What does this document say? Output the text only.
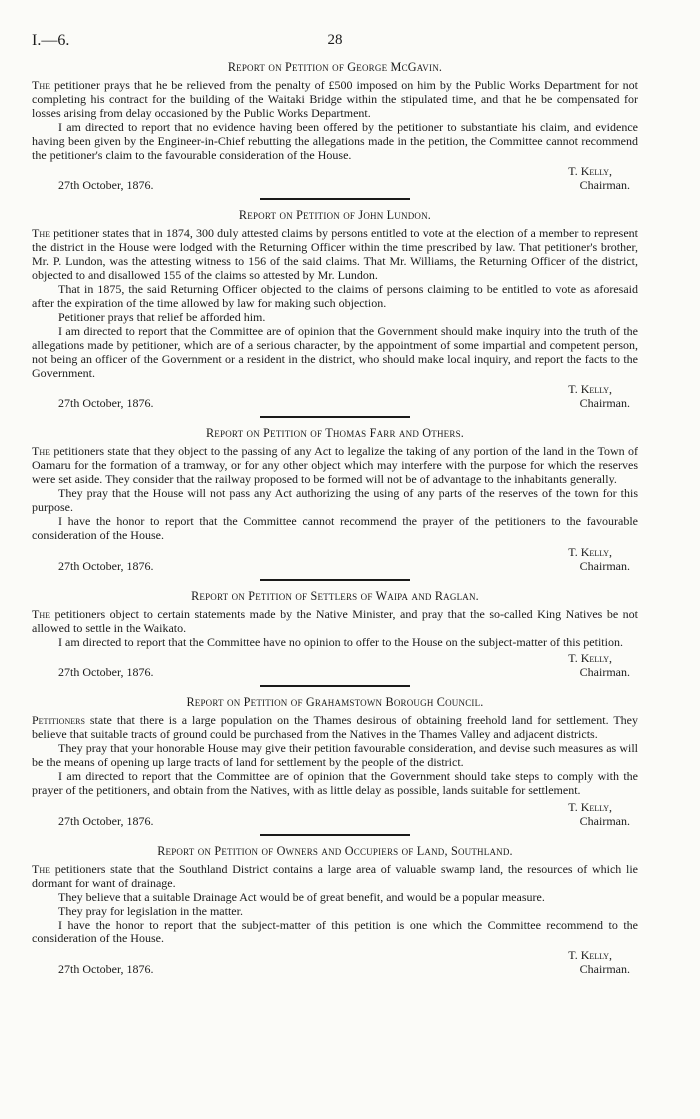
I.—6.	28
Report on Petition of George McGavin.

The petitioner prays that he be relieved from the penalty of £500 imposed on him by the Public Works Department for not completing his contract for the building of the Waitaki Bridge within the stipulated time, and that he be compensated for losses arising from delay occasioned by the Public Works Department.

I am directed to report that no evidence having been offered by the petitioner to substantiate his claim, and evidence having been given by the Engineer-in-Chief rebutting the allegations made in the petition, the Committee cannot recommend the petitioner's claim to the favourable consideration of the House.

T. Kelly,
Chairman.
27th October, 1876.
Report on Petition of John Lundon.

The petitioner states that in 1874, 300 duly attested claims by persons entitled to vote at the election of a member to represent the district in the House were lodged with the Returning Officer within the time prescribed by law. That petitioner's brother, Mr. P. Lundon, was the attesting witness to 156 of the said claims. That Mr. Williams, the Returning Officer of the district, objected to and disallowed 155 of the claims so attested by Mr. Lundon.

That in 1875, the said Returning Officer objected to the claims of persons claiming to be entitled to vote as aforesaid after the expiration of the time allowed by law for making such objection.

Petitioner prays that relief be afforded him.

I am directed to report that the Committee are of opinion that the Government should make inquiry into the truth of the allegations made by petitioner, which are of a serious character, by the appointment of some impartial and competent person, not being an officer of the Government or a resident in the district, who should make local inquiry, and report the facts to the Government.

T. Kelly,
Chairman.
27th October, 1876.
Report on Petition of Thomas Farr and Others.

The petitioners state that they object to the passing of any Act to legalize the taking of any portion of the land in the Town of Oamaru for the formation of a tramway, or for any other object which may interfere with the purpose for which the reserves were set aside. They consider that the railway proposed to be formed will not be of advantage to the inhabitants generally.

They pray that the House will not pass any Act authorizing the using of any parts of the reserves of the town for this purpose.

I have the honor to report that the Committee cannot recommend the prayer of the petitioners to the favourable consideration of the House.

T. Kelly,
Chairman.
27th October, 1876.
Report on Petition of Settlers of Waipa and Raglan.

The petitioners object to certain statements made by the Native Minister, and pray that the so-called King Natives be not allowed to settle in the Waikato.

I am directed to report that the Committee have no opinion to offer to the House on the subject-matter of this petition.

T. Kelly,
Chairman.
27th October, 1876.
Report on Petition of Grahamstown Borough Council.

Petitioners state that there is a large population on the Thames desirous of obtaining freehold land for settlement. They believe that suitable tracts of ground could be purchased from the Natives in the Thames Valley and adjacent districts.

They pray that your honorable House may give their petition favourable consideration, and devise such measures as will be the means of opening up large tracts of land for settlement by the people of the district.

I am directed to report that the Committee are of opinion that the Government should take steps to comply with the prayer of the petitioners, and obtain from the Natives, with as little delay as possible, lands suitable for settlement.

T. Kelly,
Chairman.
27th October, 1876.
Report on Petition of Owners and Occupiers of Land, Southland.

The petitioners state that the Southland District contains a large area of valuable swamp land, the resources of which lie dormant for want of drainage.

They believe that a suitable Drainage Act would be of great benefit, and would be a popular measure.

They pray for legislation in the matter.

I have the honor to report that the subject-matter of this petition is one which the Committee recommend to the consideration of the House.

T. Kelly,
Chairman.
27th October, 1876.
